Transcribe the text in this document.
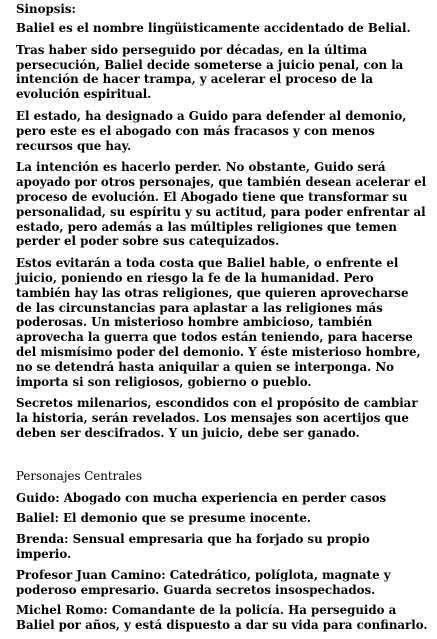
Sinopsis:

Baliel es el nombre lingüisticamente accidentado de Belial.

Tras haber sido perseguido por décadas, en la última persecución, Baliel decide someterse a juicio penal, con la intención de hacer trampa, y acelerar el proceso de la evolución espiritual.

El estado, ha designado a Guido para defender al demonio, pero este es el abogado con más fracasos y con menos recursos que hay.

La intención es hacerlo perder. No obstante, Guido será apoyado por otros personajes, que también desean acelerar el proceso de evolución. El Abogado tiene que transformar su personalidad, su espíritu y su actitud, para poder enfrentar al estado, pero además a las múltiples religiones que temen perder el poder sobre sus catequizados.

Estos evitarán a toda costa que Baliel hable, o enfrente el juicio, poniendo en riesgo la fe de la humanidad. Pero también hay las otras religiones, que quieren aprovecharse de las circunstancias para aplastar a las religiones más poderosas. Un misterioso hombre ambicioso, también aprovecha la guerra que todos están teniendo, para hacerse del mismísimo poder del demonio. Y éste misterioso hombre, no se detendrá hasta aniquilar a quien se interponga. No importa si son religiosos, gobierno o pueblo.

Secretos milenarios, escondidos con el propósito de cambiar la historia, serán revelados. Los mensajes son acertijos que deben ser descifrados. Y un juicio, debe ser ganado.

Personajes Centrales

Guido: Abogado con mucha experiencia en perder casos

Baliel: El demonio que se presume inocente.

Brenda: Sensual empresaria que ha forjado su propio imperio.

Profesor Juan Camino: Catedrático, políglota, magnate y poderoso empresario. Guarda secretos insospechados.

Michel Romo: Comandante de la policía. Ha perseguido a Baliel por años, y está dispuesto a dar su vida para confinarlo.
